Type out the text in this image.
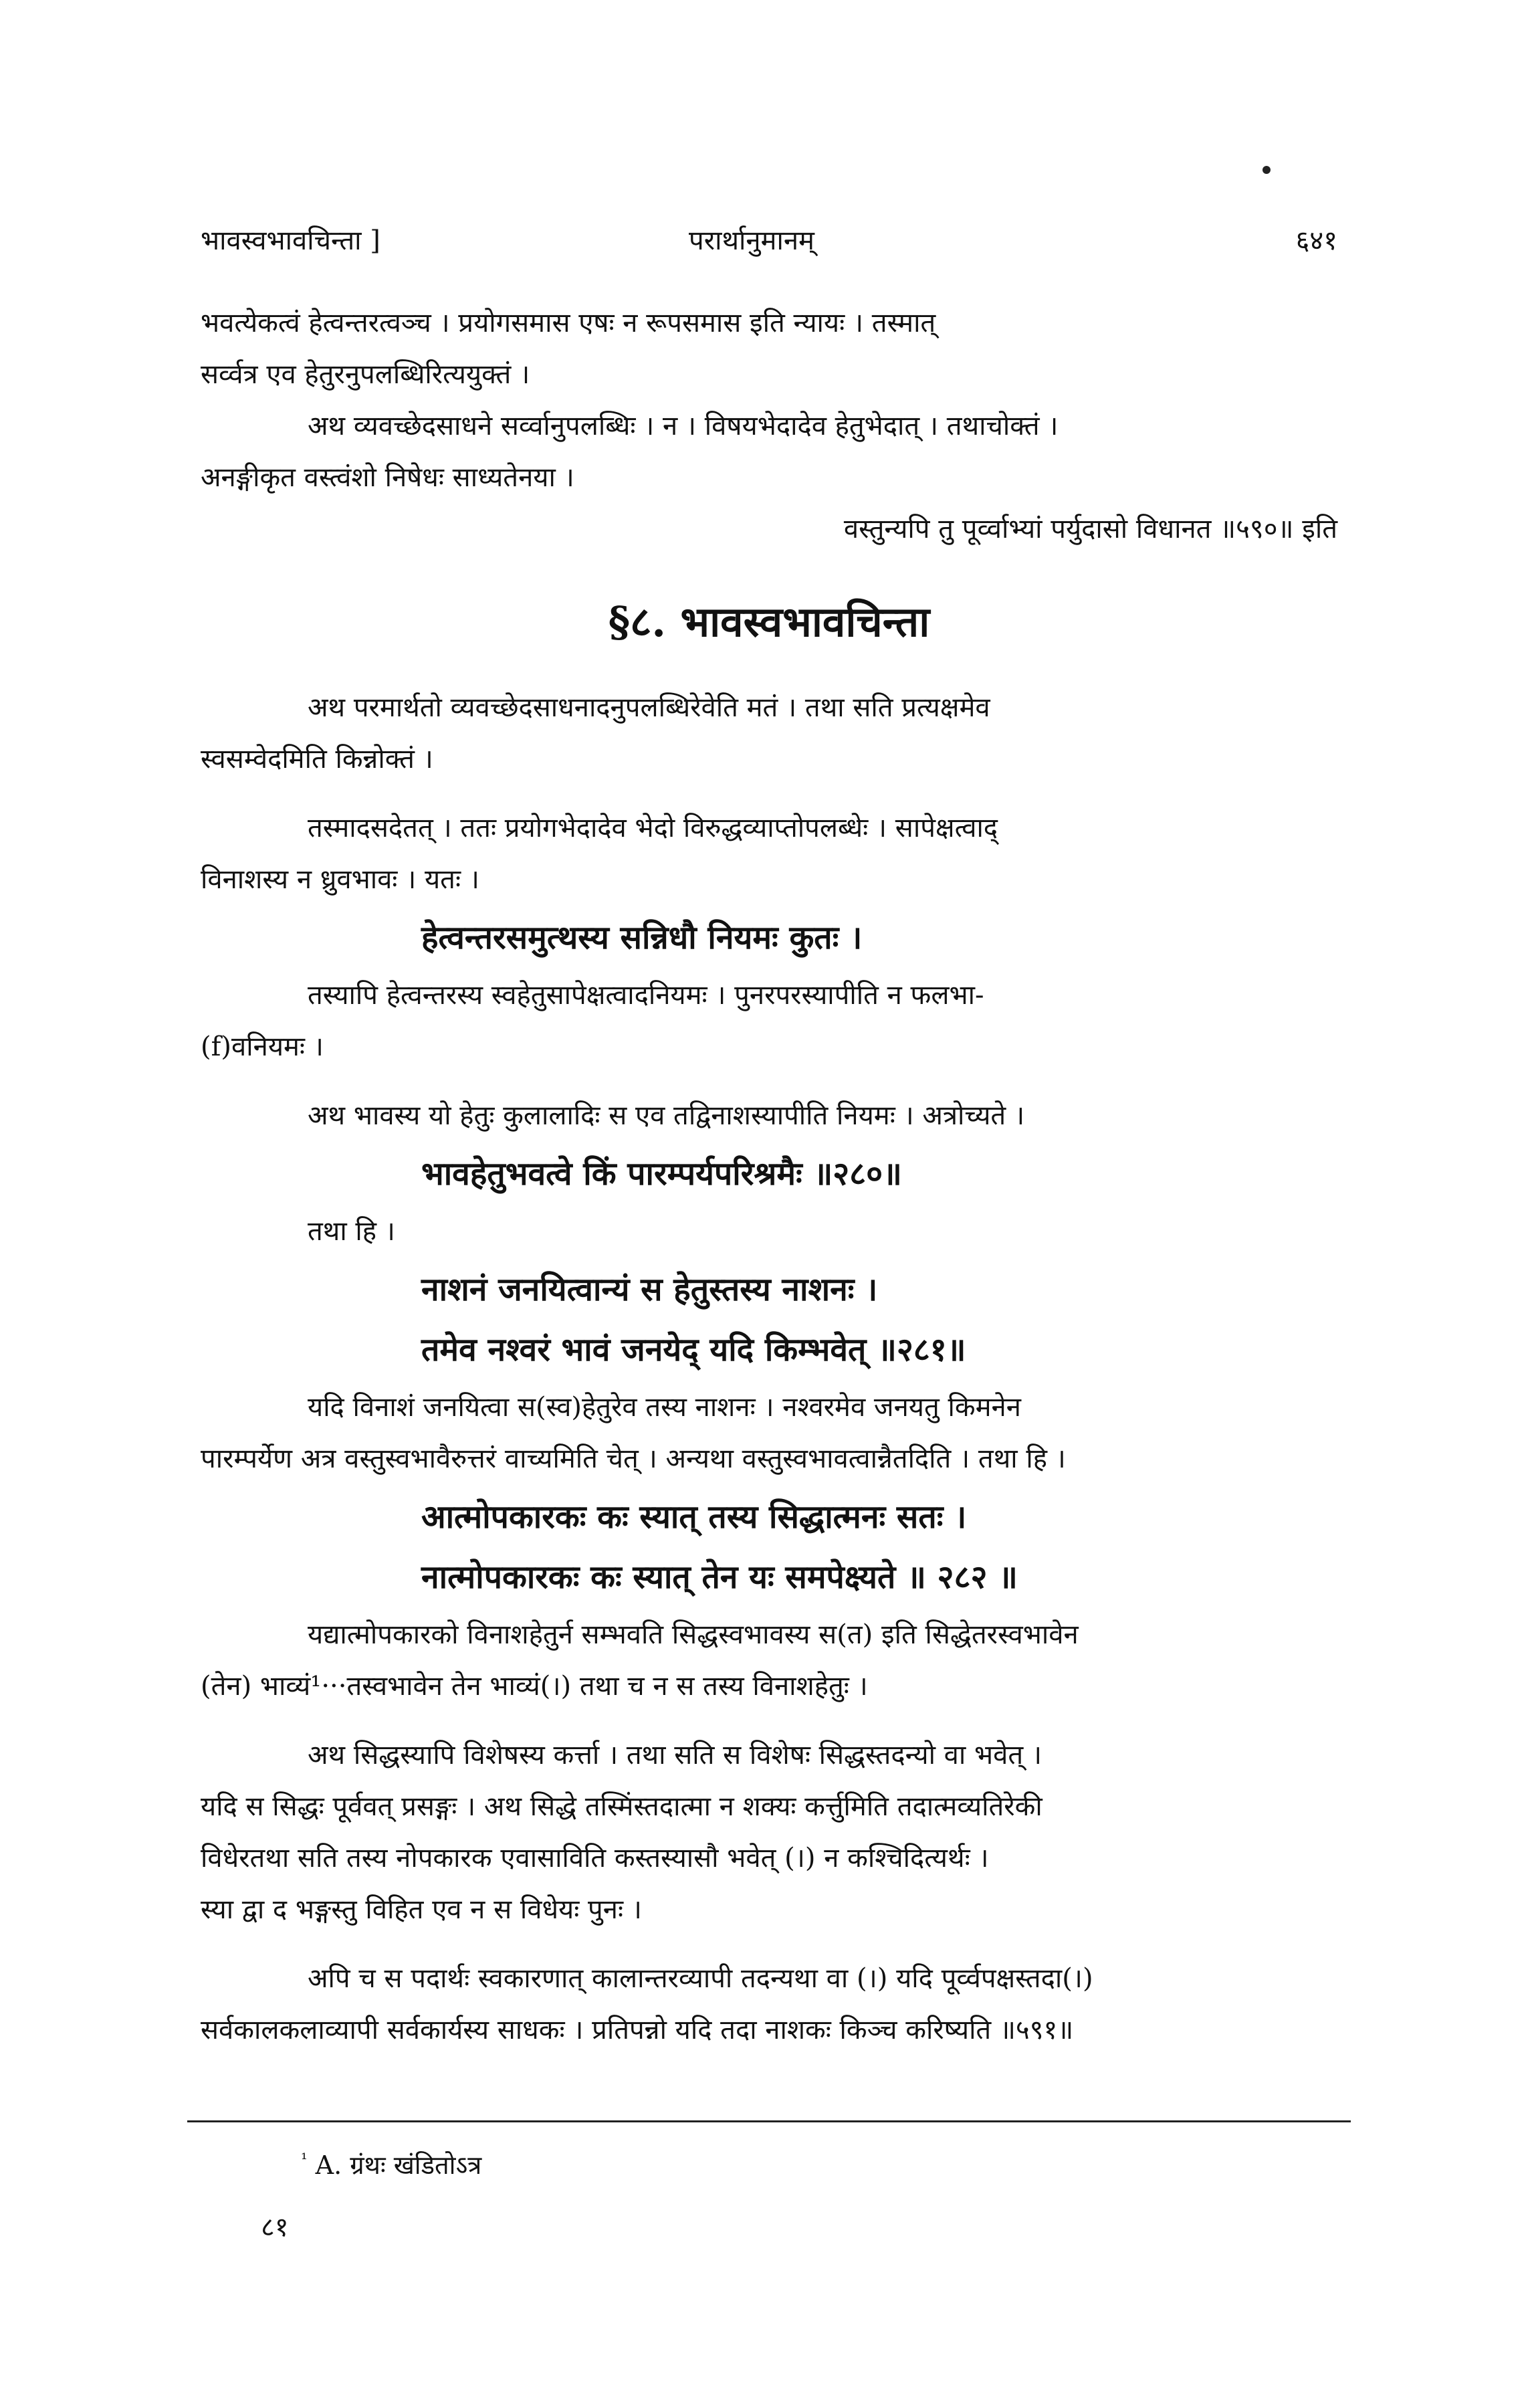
भावस्वभावचिन्ता ]	परार्थानुमानम्	६४१

भवत्येकत्वं हेत्वन्तरत्वञ्च । प्रयोगसमास एषः न रूपसमास इति न्यायः । तस्मात्

सर्व्वत्र एव हेतुरनुपलब्धिरित्ययुक्तं ।

अथ व्यवच्छेदसाधने सर्व्वानुपलब्धिः । न । विषयभेदादेव हेतुभेदात् । तथाचोक्तं ।

अनङ्गीकृत वस्त्वंशो निषेधः साध्यतेनया ।

वस्तुन्यपि तु पूर्व्वाभ्यां पर्युदासो विधानत ॥५९०॥ इति

§८. भावस्वभावचिन्ता

अथ परमार्थतो व्यवच्छेदसाधनादनुपलब्धिरेवेति मतं । तथा सति प्रत्यक्षमेव

स्वसम्वेदमिति किन्नोक्तं ।

तस्मादसदेतत् । ततः प्रयोगभेदादेव भेदो विरुद्धव्याप्तोपलब्धेः । सापेक्षत्वाद्

विनाशस्य न ध्रुवभावः । यतः ।

हेत्वन्तरसमुत्थस्य सन्निधौ नियमः कुतः ।

तस्यापि हेत्वन्तरस्य स्वहेतुसापेक्षत्वादनियमः । पुनरपरस्यापीति न फलभा-

(f)वनियमः ।

अथ भावस्य यो हेतुः कुलालादिः स एव तद्विनाशस्यापीति नियमः । अत्रोच्यते ।

भावहेतुभवत्वे किं पारम्पर्यपरिश्रमैः ॥२८०॥

तथा हि ।

नाशनं जनयित्वान्यं स हेतुस्तस्य नाशनः ।
तमेव नश्वरं भावं जनयेद् यदि किम्भवेत् ॥२८१॥

यदि विनाशं जनयित्वा स(स्व)हेतुरेव तस्य नाशनः । नश्वरमेव जनयतु किमनेन

पारम्पर्येण अत्र वस्तुस्वभावैरुत्तरं वाच्यमिति चेत् । अन्यथा वस्तुस्वभावत्वान्नैतदिति । तथा हि ।

आत्मोपकारकः कः स्यात् तस्य सिद्धात्मनः सतः ।
नात्मोपकारकः कः स्यात् तेन यः समपेक्ष्यते ॥ २८२ ॥

यद्यात्मोपकारको विनाशहेतुर्न सम्भवति सिद्धस्वभावस्य स(त) इति सिद्धेतरस्वभावेन

(तेन) भाव्यं¹···तस्वभावेन तेन भाव्यं(।) तथा च न स तस्य विनाशहेतुः ।

अथ सिद्धस्यापि विशेषस्य कर्त्ता । तथा सति स विशेषः सिद्धस्तदन्यो वा भवेत् ।

यदि स सिद्धः पूर्ववत् प्रसङ्गः । अथ सिद्धे तस्मिंस्तदात्मा न शक्यः कर्त्तुमिति तदात्मव्यतिरेकी

विधेरतथा सति तस्य नोपकारक एवासाविति कस्तस्यासौ भवेत् (।) न कश्चिदित्यर्थः ।

स्या द्वा द भङ्गस्तु विहित एव न स विधेयः पुनः ।

अपि च स पदार्थः स्वकारणात् कालान्तरव्यापी तदन्यथा वा (।) यदि पूर्व्वपक्षस्तदा(।)

सर्वकालकलाव्यापी सर्वकार्यस्य साधकः । प्रतिपन्नो यदि तदा नाशकः किञ्च करिष्यति ॥५९१॥

$^{^1}$ A. ग्रंथः खंडितोऽत्र
८१
